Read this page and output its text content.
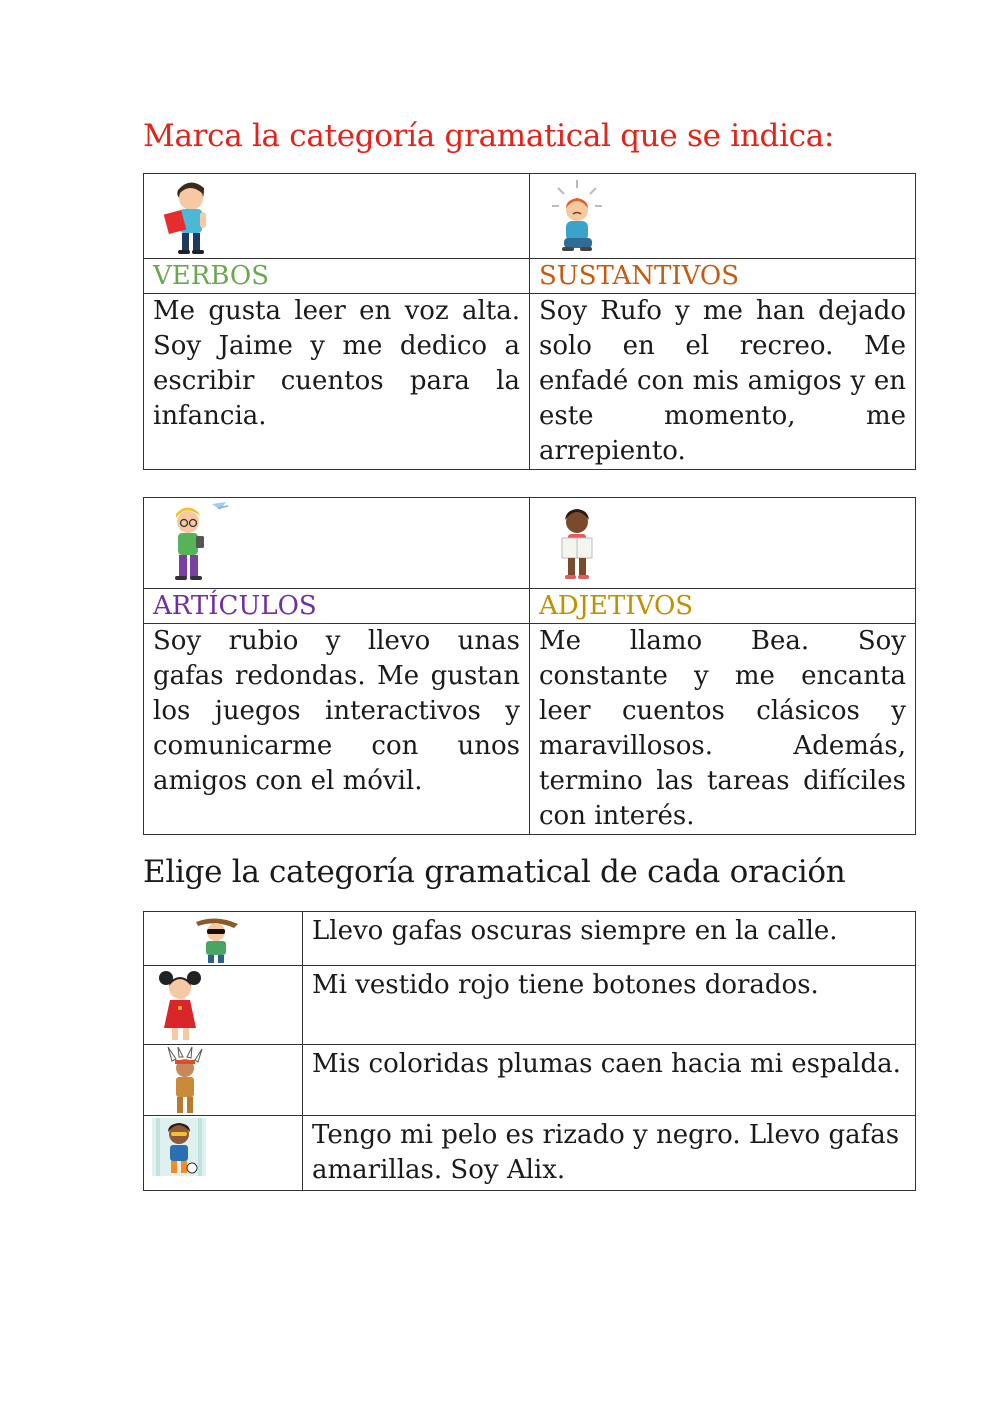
Marca la categoría gramatical que se indica:

VERBOS	SUSTANTIVOS
Me gusta leer en voz alta. Soy Jaime y me dedico a escribir cuentos para la infancia.	Soy Rufo y me han dejado solo en el recreo. Me enfadé con mis amigos y en este momento, me arrepiento.

ARTÍCULOS	ADJETIVOS
Soy rubio y llevo unas gafas redondas. Me gustan los juegos interactivos y comunicarme con unos amigos con el móvil.	Me llamo Bea. Soy constante y me encanta leer cuentos clásicos y maravillosos. Además, termino las tareas difíciles con interés.
Elige la categoría gramatical de cada oración
	Llevo gafas oscuras siempre en la calle.

	Mi vestido rojo tiene botones dorados.

	Mis coloridas plumas caen hacia mi espalda.

	Tengo mi pelo es rizado y negro. Llevo gafas amarillas. Soy Alix.
